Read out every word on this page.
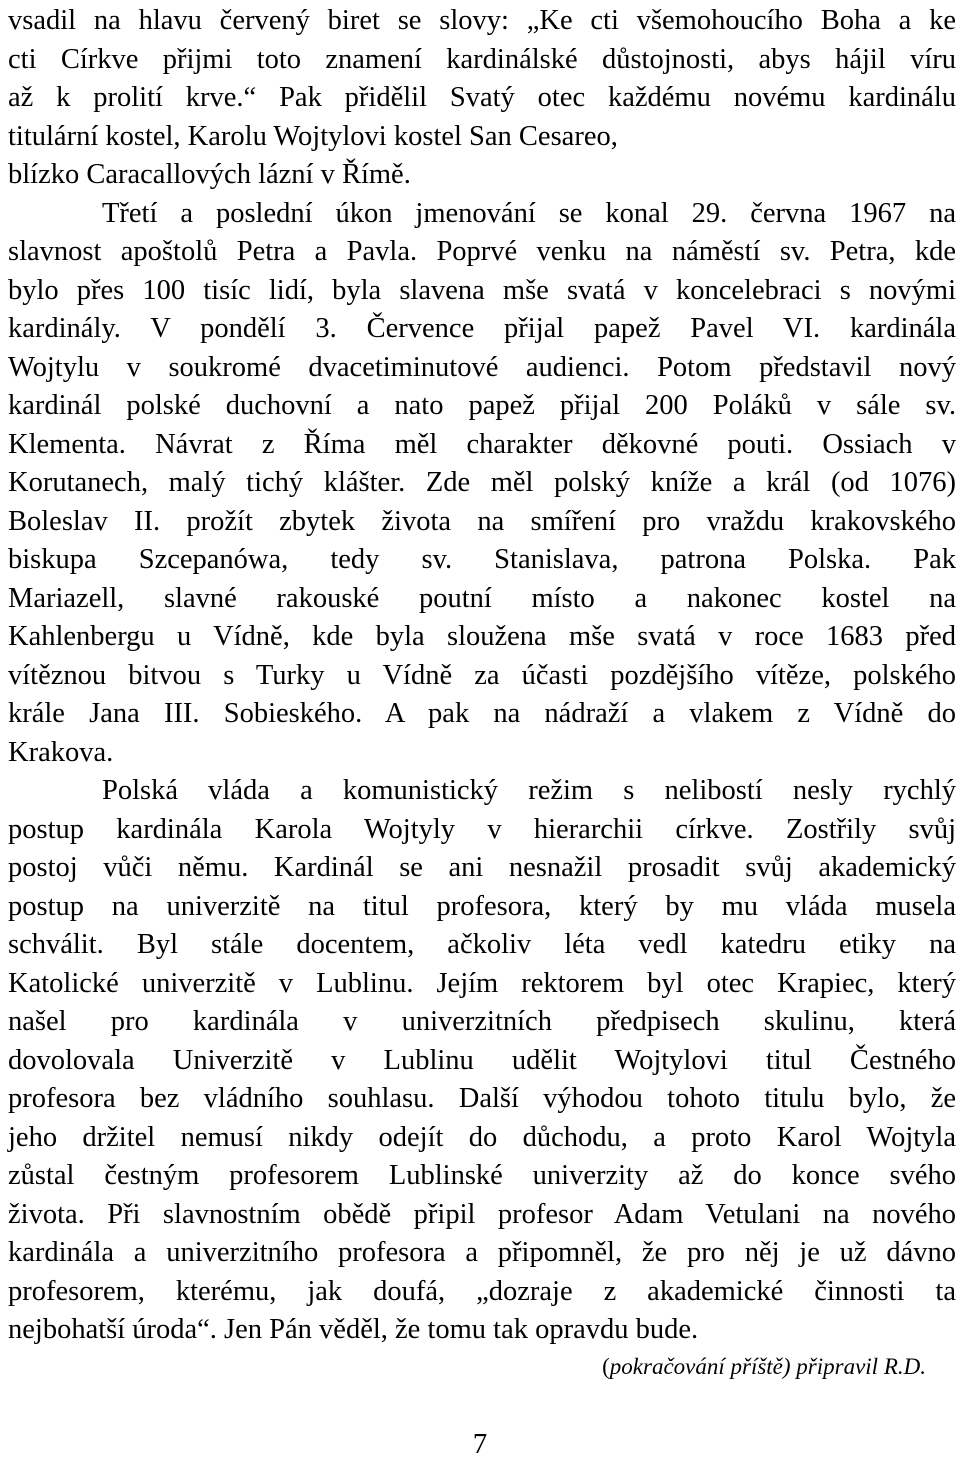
vsadil na hlavu červený biret se slovy: „Ke cti všemohoucího Boha a ke
cti Církve přijmi toto znamení kardinálské důstojnosti, abys hájil víru
až k prolití krve.“ Pak přidělil Svatý otec každému novému kardinálu
titulární kostel, Karolu Wojtylovi kostel San Cesareo,
blízko Caracallových lázní v Římě.
Třetí a poslední úkon jmenování se konal 29. června 1967 na
slavnost apoštolů Petra a Pavla. Poprvé venku na náměstí sv. Petra, kde
bylo přes 100 tisíc lidí, byla slavena mše svatá v koncelebraci s novými
kardinály. V pondělí 3. Července přijal papež Pavel VI. kardinála
Wojtylu v soukromé dvacetiminutové audienci. Potom představil nový
kardinál polské duchovní a nato papež přijal 200 Poláků v sále sv.
Klementa. Návrat z Říma měl charakter děkovné pouti. Ossiach v
Korutanech, malý tichý klášter. Zde měl polský kníže a král (od 1076)
Boleslav II. prožít zbytek života na smíření pro vraždu krakovského
biskupa Szcepanówa, tedy sv. Stanislava, patrona Polska. Pak
Mariazell, slavné rakouské poutní místo a nakonec kostel na
Kahlenbergu u Vídně, kde byla sloužena mše svatá v roce 1683 před
vítěznou bitvou s Turky u Vídně za účasti pozdějšího vítěze, polského
krále Jana III. Sobieského. A pak na nádraží a vlakem z Vídně do
Krakova.
Polská vláda a komunistický režim s nelibostí nesly rychlý
postup kardinála Karola Wojtyly v hierarchii církve. Zostřily svůj
postoj vůči němu. Kardinál se ani nesnažil prosadit svůj akademický
postup na univerzitě na titul profesora, který by mu vláda musela
schválit. Byl stále docentem, ačkoliv léta vedl katedru etiky na
Katolické univerzitě v Lublinu. Jejím rektorem byl otec Krapiec, který
našel pro kardinála v univerzitních předpisech skulinu, která
dovolovala Univerzitě v Lublinu udělit Wojtylovi titul Čestného
profesora bez vládního souhlasu. Další výhodou tohoto titulu bylo, že
jeho držitel nemusí nikdy odejít do důchodu, a proto Karol Wojtyla
zůstal čestným profesorem Lublinské univerzity až do konce svého
života. Při slavnostním obědě připil profesor Adam Vetulani na nového
kardinála a univerzitního profesora a připomněl, že pro něj je už dávno
profesorem, kterému, jak doufá, „dozraje z akademické činnosti ta
nejbohatší úroda“. Jen Pán věděl, že tomu tak opravdu bude.
(pokračování příště) připravil R.D.
7
